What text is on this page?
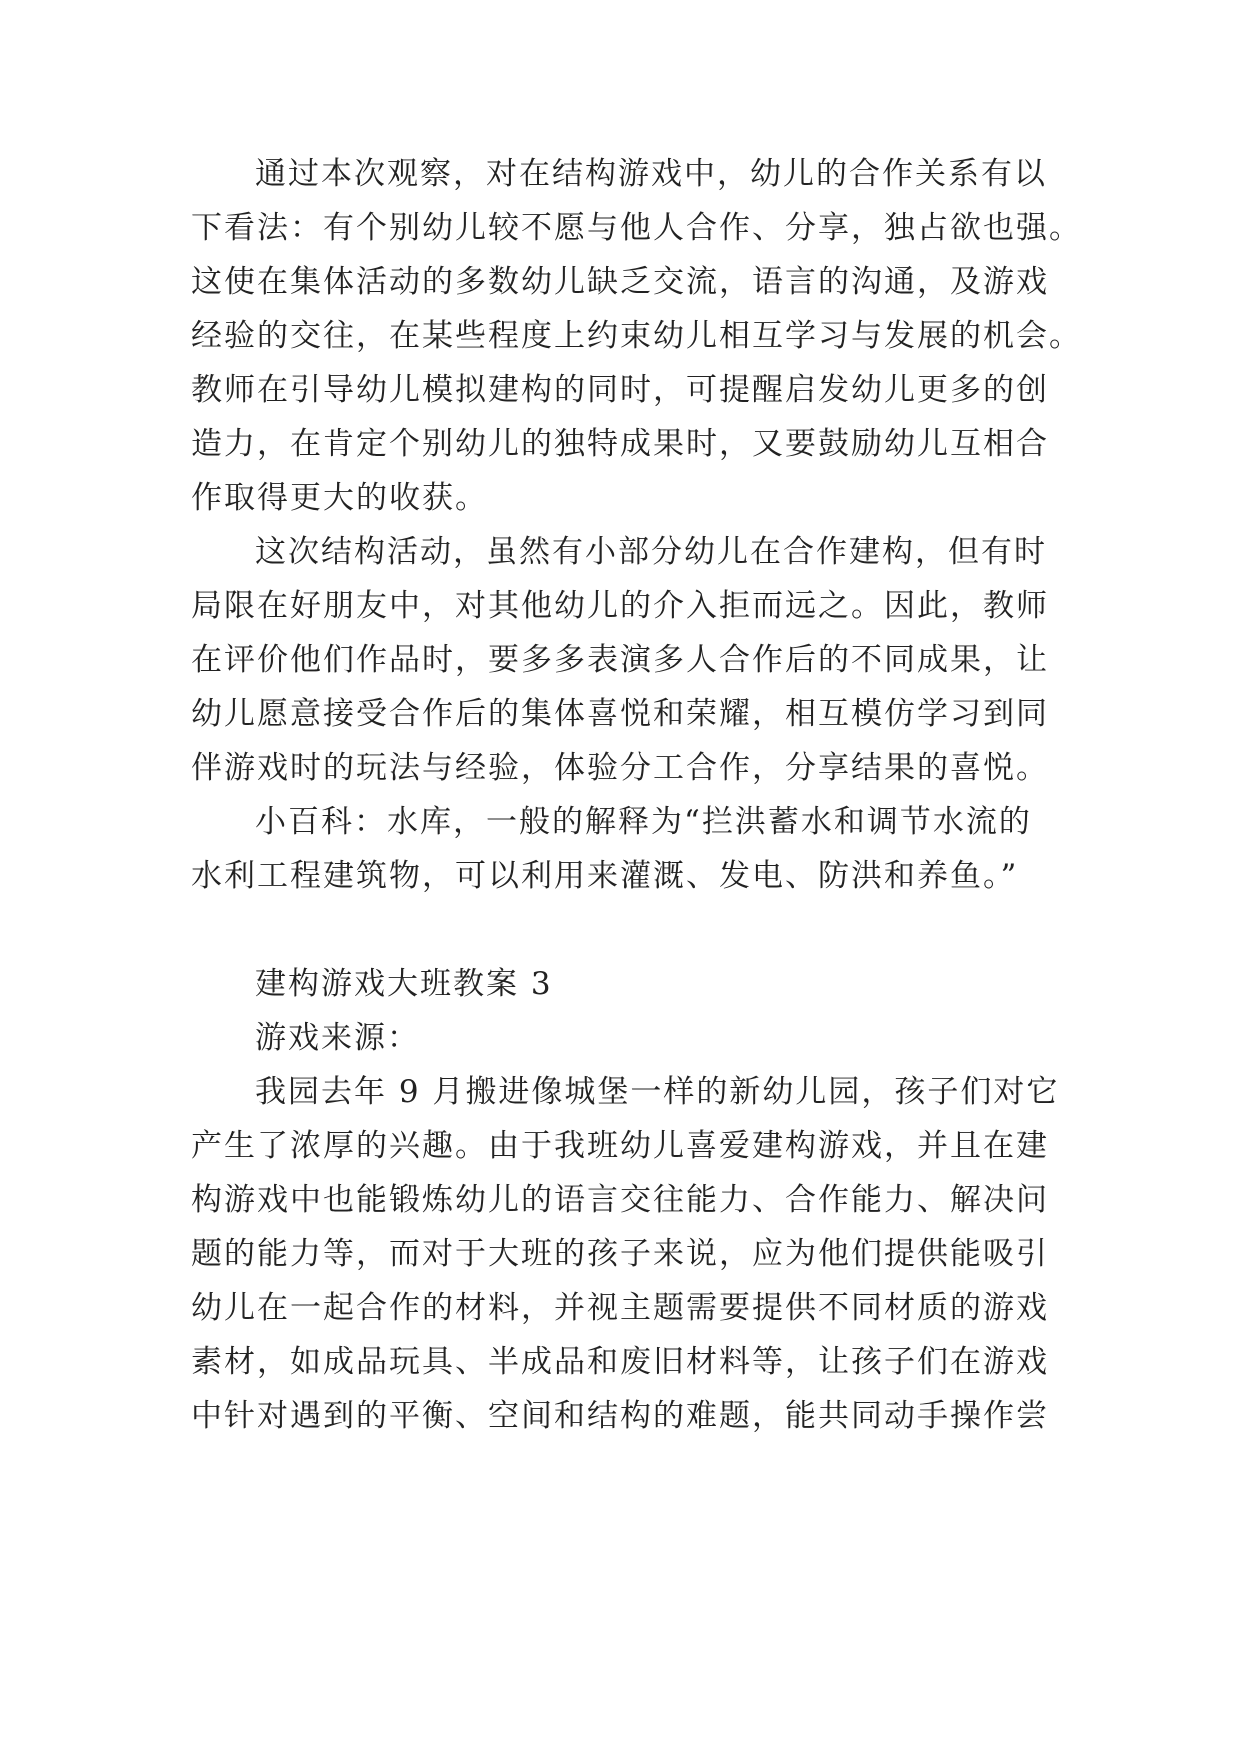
通过本次观察，对在结构游戏中，幼儿的合作关系有以
下看法：有个别幼儿较不愿与他人合作、分享，独占欲也强。
这使在集体活动的多数幼儿缺乏交流，语言的沟通，及游戏
经验的交往，在某些程度上约束幼儿相互学习与发展的机会。
教师在引导幼儿模拟建构的同时，可提醒启发幼儿更多的创
造力，在肯定个别幼儿的独特成果时，又要鼓励幼儿互相合
作取得更大的收获。
这次结构活动，虽然有小部分幼儿在合作建构，但有时
局限在好朋友中，对其他幼儿的介入拒而远之。因此，教师
在评价他们作品时，要多多表演多人合作后的不同成果，让
幼儿愿意接受合作后的集体喜悦和荣耀，相互模仿学习到同
伴游戏时的玩法与经验，体验分工合作，分享结果的喜悦。
小百科：水库，一般的解释为“拦洪蓄水和调节水流的
水利工程建筑物，可以利用来灌溉、发电、防洪和养鱼。”
建构游戏大班教案 3
游戏来源：
我园去年 9 月搬进像城堡一样的新幼儿园，孩子们对它
产生了浓厚的兴趣。由于我班幼儿喜爱建构游戏，并且在建
构游戏中也能锻炼幼儿的语言交往能力、合作能力、解决问
题的能力等，而对于大班的孩子来说，应为他们提供能吸引
幼儿在一起合作的材料，并视主题需要提供不同材质的游戏
素材，如成品玩具、半成品和废旧材料等，让孩子们在游戏
中针对遇到的平衡、空间和结构的难题，能共同动手操作尝
